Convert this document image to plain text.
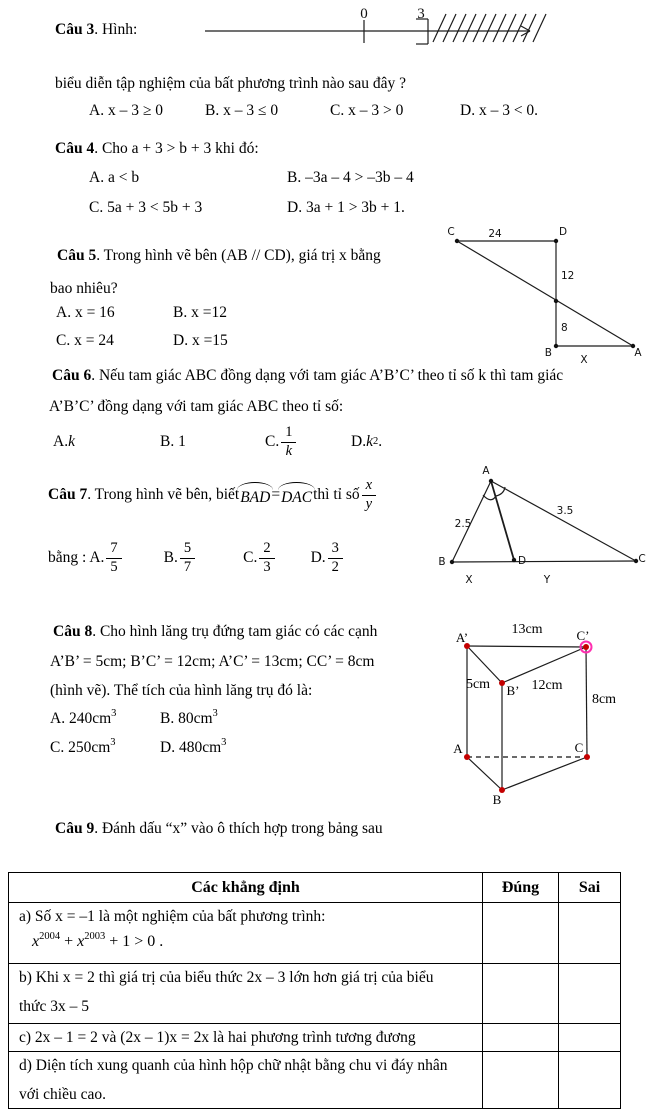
Câu 3. Hình:
0	3
biểu diễn tập nghiệm của bất phương trình nào sau đây ?
A. x – 3 ≥ 0	B. x – 3 ≤ 0	C. x – 3 > 0	D. x – 3 < 0.
Câu 4. Cho a + 3 > b + 3 khi đó:
A. a < b	B. –3a – 4 > –3b – 4
C. 5a + 3 < 5b + 3	D. 3a + 1 > 3b + 1.
Câu 5. Trong hình vẽ bên (AB // CD), giá trị x bằng
bao nhiêu?
A. x = 16	B. x =12
C. x = 24	D. x =15
C	24	D
12
8
B
X
A
Câu 6. Nếu tam giác ABC đồng dạng với tam giác A’B’C’ theo tỉ số k thì tam giác
A’B’C’ đồng dạng với tam giác ABC theo tỉ số:
A. k	B. 1	C. $\frac{1}{k}$	D. k 2 .
Câu 7 . Trong hình vẽ bên, biết BAD = DAC thì tỉ số $\frac{x}{y}$
bằng : A. $\frac{7}{5}$	B. $\frac{5}{7}$	C. $\frac{2}{3} D$. $\frac{3}{2}$
A
2.5
3.5
B	D	C
X	Y
Câu 8. Cho hình lăng trụ đứng tam giác có các cạnh
A’B’ = 5cm; B’C’ = 12cm; A’C’ = 13cm; CC’ = 8cm
(hình vẽ). Thể tích của hình lăng trụ đó là:
A. $240cm^3$	B. $80cm^3$
C. $250cm^3$	D. $480cm^3$
13cm
A’	C’
5cm B’ 12cm
8cm
A	C
B
Câu 9. Đánh dấu “x” vào ô thích hợp trong bảng sau
Các khẳng định	Đúng	Sai

a) Số x = –1 là một nghiệm của bất phương trình:
$x^{2004} + x^{2003} + 1 > 0$ .		

b) Khi x = 2 thì giá trị của biểu thức 2x – 3 lớn hơn giá trị của biểu
thức 3x – 5		

c) 2x – 1 = 2 và (2x – 1)x = 2x là hai phương trình tương đương		

d) Diện tích xung quanh của hình hộp chữ nhật bằng chu vi đáy nhân
với chiều cao.		
